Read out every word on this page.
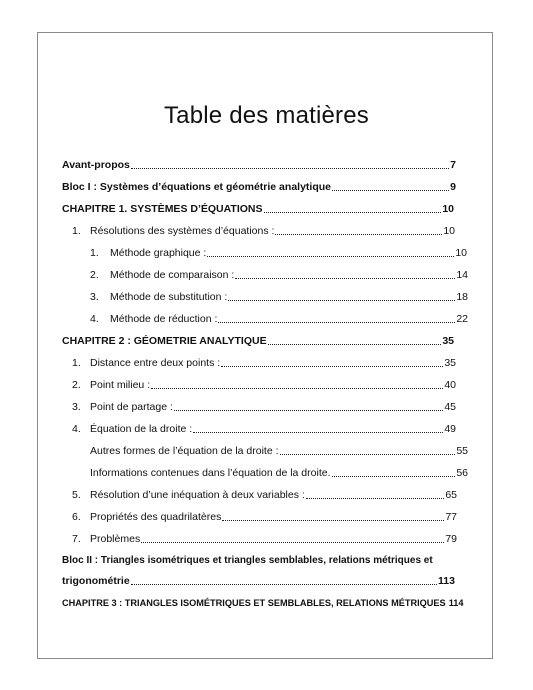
Table des matières
Avant-propos	7
Bloc I : Systèmes d’équations et géométrie analytique	9
CHAPITRE 1. SYSTÈMES D’ÉQUATIONS	10
1. Résolutions des systèmes d’équations :	10
1.	Méthode graphique :	10
2.	Méthode de comparaison :	14
3.	Méthode de substitution :	18
4.	Méthode de réduction :	22
CHAPITRE 2 : GÉOMETRIE ANALYTIQUE	35
1. Distance entre deux points :	35
2. Point milieu :	40
3. Point de partage :	45
4. Équation de la droite :	49
Autres formes de l’équation de la droite :	55
Informations contenues dans l’équation de la droite.	56
5. Résolution d’une inéquation à deux variables :	65
6. Propriétés des quadrilatères	77
7. Problèmes	79
Bloc II : Triangles isométriques et triangles semblables, relations métriques et
trigonométrie	113
CHAPITRE 3 : TRIANGLES ISOMÉTRIQUES ET SEMBLABLES, RELATIONS MÉTRIQUES 114
